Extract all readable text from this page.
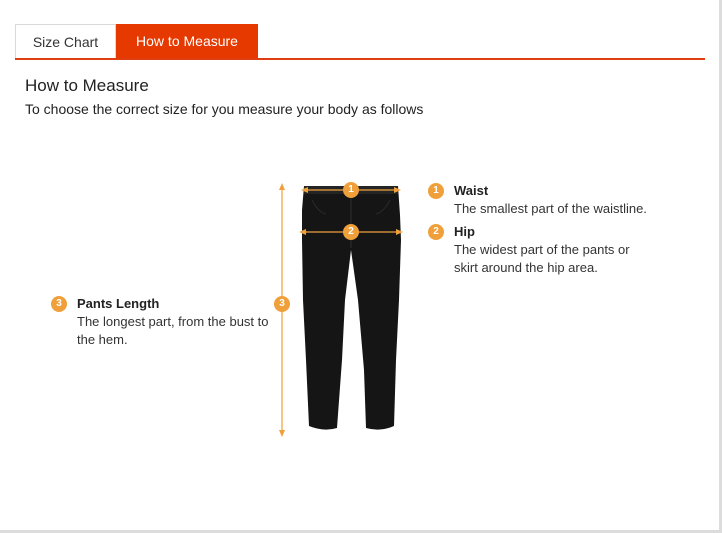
Size Chart	How to Measure
How to Measure
To choose the correct size for you measure your body as follows
1
2
3
1	Waist
The smallest part of the waistline.
2	Hip
The widest part of the pants or skirt around the hip area.
3	Pants Length
The longest part, from the bust to the hem.
